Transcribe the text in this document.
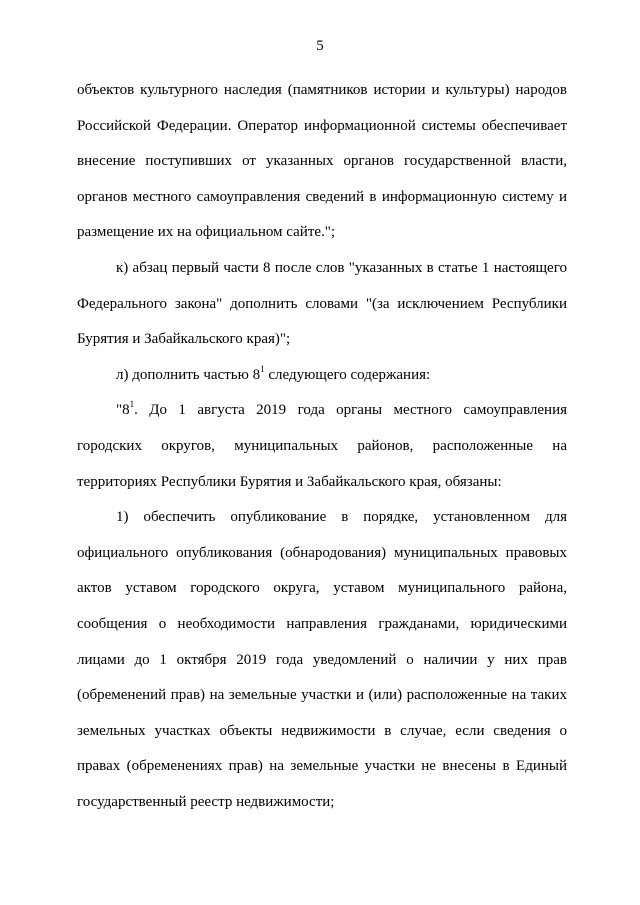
5

объектов культурного наследия (памятников истории и культуры) народов Российской Федерации. Оператор информационной системы обеспечивает внесение поступивших от указанных органов государственной власти, органов местного самоуправления сведений в информационную систему и размещение их на официальном сайте.";

к) абзац первый части 8 после слов "указанных в статье 1 настоящего Федерального закона" дополнить словами "(за исключением Республики Бурятия и Забайкальского края)";

л) дополнить частью $8^1$ следующего содержания:

"$8^1$. До 1 августа 2019 года органы местного самоуправления городских округов, муниципальных районов, расположенные на территориях Республики Бурятия и Забайкальского края, обязаны:

1) обеспечить опубликование в порядке, установленном для официального опубликования (обнародования) муниципальных правовых актов уставом городского округа, уставом муниципального района, сообщения о необходимости направления гражданами, юридическими лицами до 1 октября 2019 года уведомлений о наличии у них прав (обременений прав) на земельные участки и (или) расположенные на таких земельных участках объекты недвижимости в случае, если сведения о правах (обременениях прав) на земельные участки не внесены в Единый государственный реестр недвижимости;
